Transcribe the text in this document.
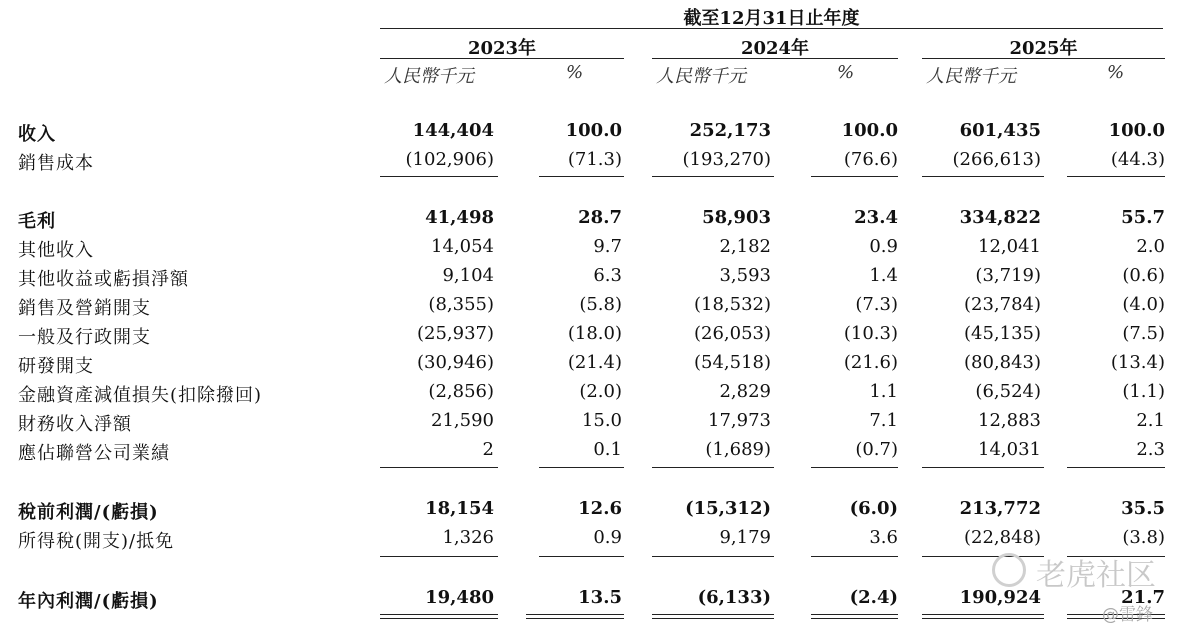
截至12月31日止年度
2023年	2024年	2025年
人民幣千元	%	人民幣千元	%	人民幣千元	%
收入	144,404	100.0	252,173	100.0	601,435	100.0
銷售成本	(102,906)	(71.3)	(193,270)	(76.6)	(266,613)	(44.3)
毛利	41,498	28.7	58,903	23.4	334,822	55.7
其他收入	14,054	9.7	2,182	0.9	12,041	2.0
其他收益或虧損淨額	9,104	6.3	3,593	1.4	(3,719)	(0.6)
銷售及營銷開支	(8,355)	(5.8)	(18,532)	(7.3)	(23,784)	(4.0)
一般及行政開支	(25,937)	(18.0)	(26,053)	(10.3)	(45,135)	(7.5)
研發開支	(30,946)	(21.4)	(54,518)	(21.6)	(80,843)	(13.4)
金融資產減值損失(扣除撥回)	(2,856)	(2.0)	2,829	1.1	(6,524)	(1.1)
財務收入淨額	21,590	15.0	17,973	7.1	12,883	2.1
應佔聯營公司業績	2	0.1	(1,689)	(0.7)	14,031	2.3
稅前利潤/(虧損)	18,154	12.6	(15,312)	(6.0)	213,772	35.5
所得稅(開支)/抵免	1,326	0.9	9,179	3.6	(22,848)	(3.8)
年內利潤/(虧損)	19,480	13.5	(6,133)	(2.4)	190,924	21.7
老虎社区
@雷鋒
